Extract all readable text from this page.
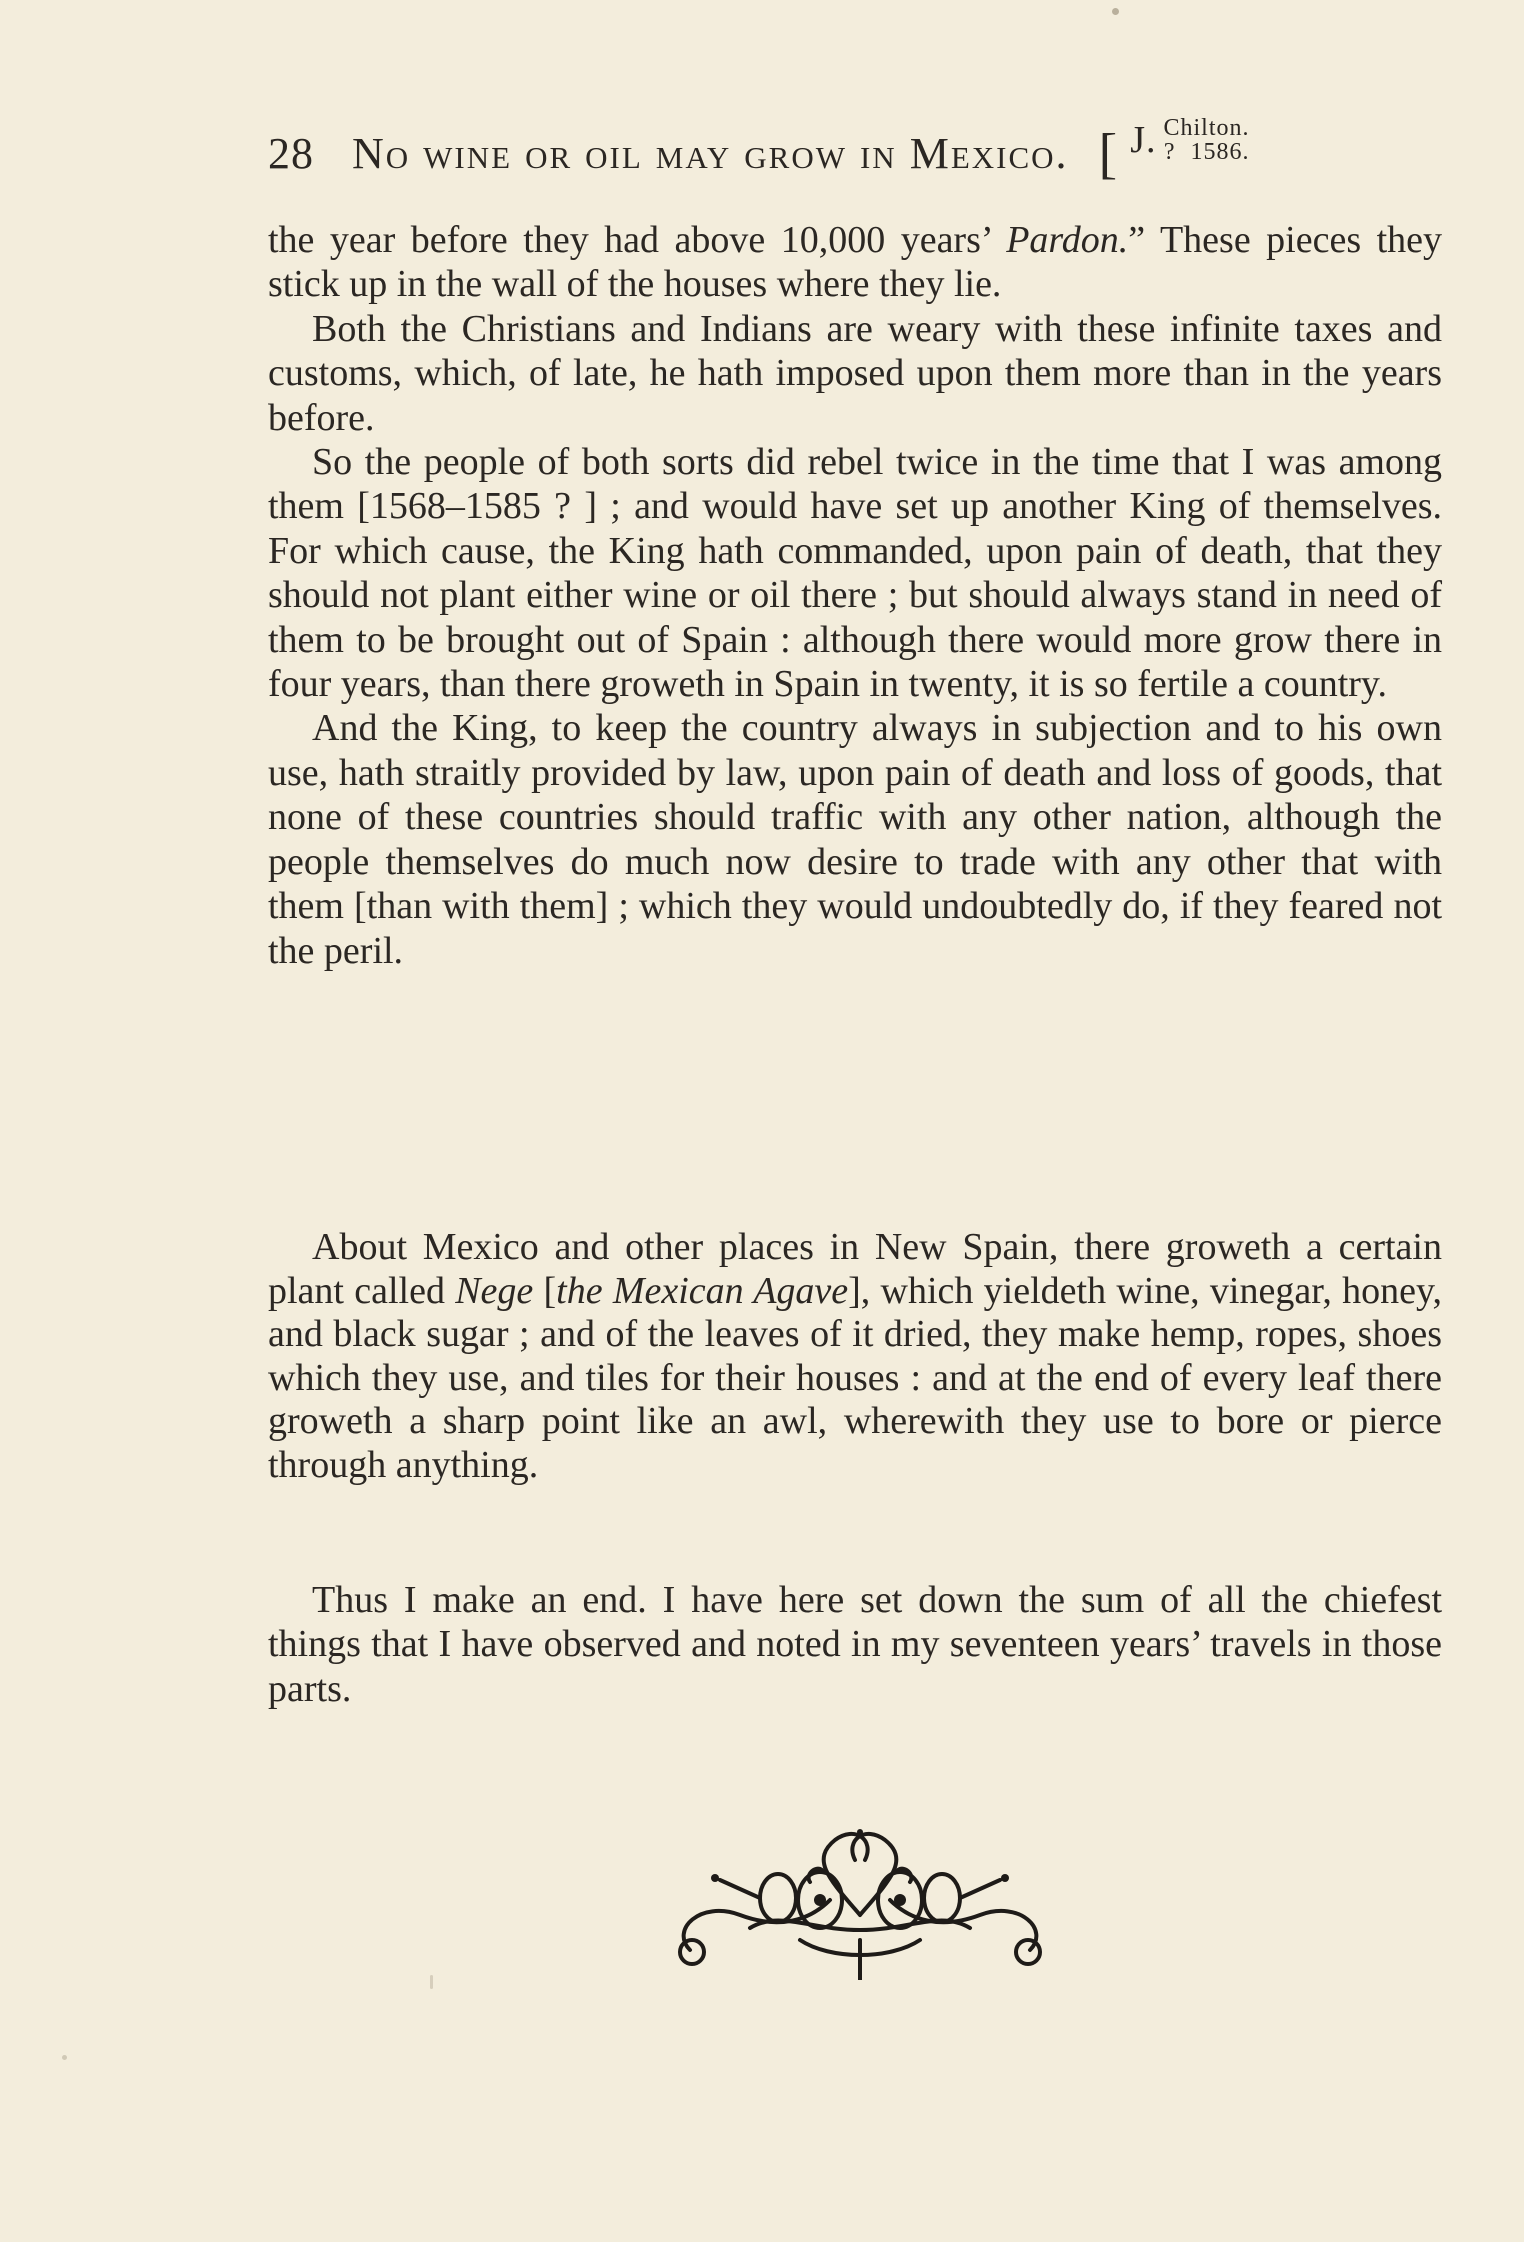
28 No wine or oil may grow in Mexico. [ J. Chilton.
? 1586.

the year before they had above 10,000 years’ Pardon.” These pieces they stick up in the wall of the houses where they lie.

Both the Christians and Indians are weary with these infinite taxes and customs, which, of late, he hath imposed upon them more than in the years before.

So the people of both sorts did rebel twice in the time that I was among them [1568–1585 ? ] ; and would have set up another King of themselves. For which cause, the King hath commanded, upon pain of death, that they should not plant either wine or oil there ; but should always stand in need of them to be brought out of Spain : although there would more grow there in four years, than there groweth in Spain in twenty, it is so fertile a country.

And the King, to keep the country always in subjection and to his own use, hath straitly provided by law, upon pain of death and loss of goods, that none of these countries should traffic with any other nation, although the people themselves do much now desire to trade with any other that with them [than with them] ; which they would undoubtedly do, if they feared not the peril.

About Mexico and other places in New Spain, there groweth a certain plant called Nege [the Mexican Agave], which yieldeth wine, vinegar, honey, and black sugar ; and of the leaves of it dried, they make hemp, ropes, shoes which they use, and tiles for their houses : and at the end of every leaf there groweth a sharp point like an awl, wherewith they use to bore or pierce through anything.

Thus I make an end. I have here set down the sum of all the chiefest things that I have observed and noted in my seventeen years’ travels in those parts.
